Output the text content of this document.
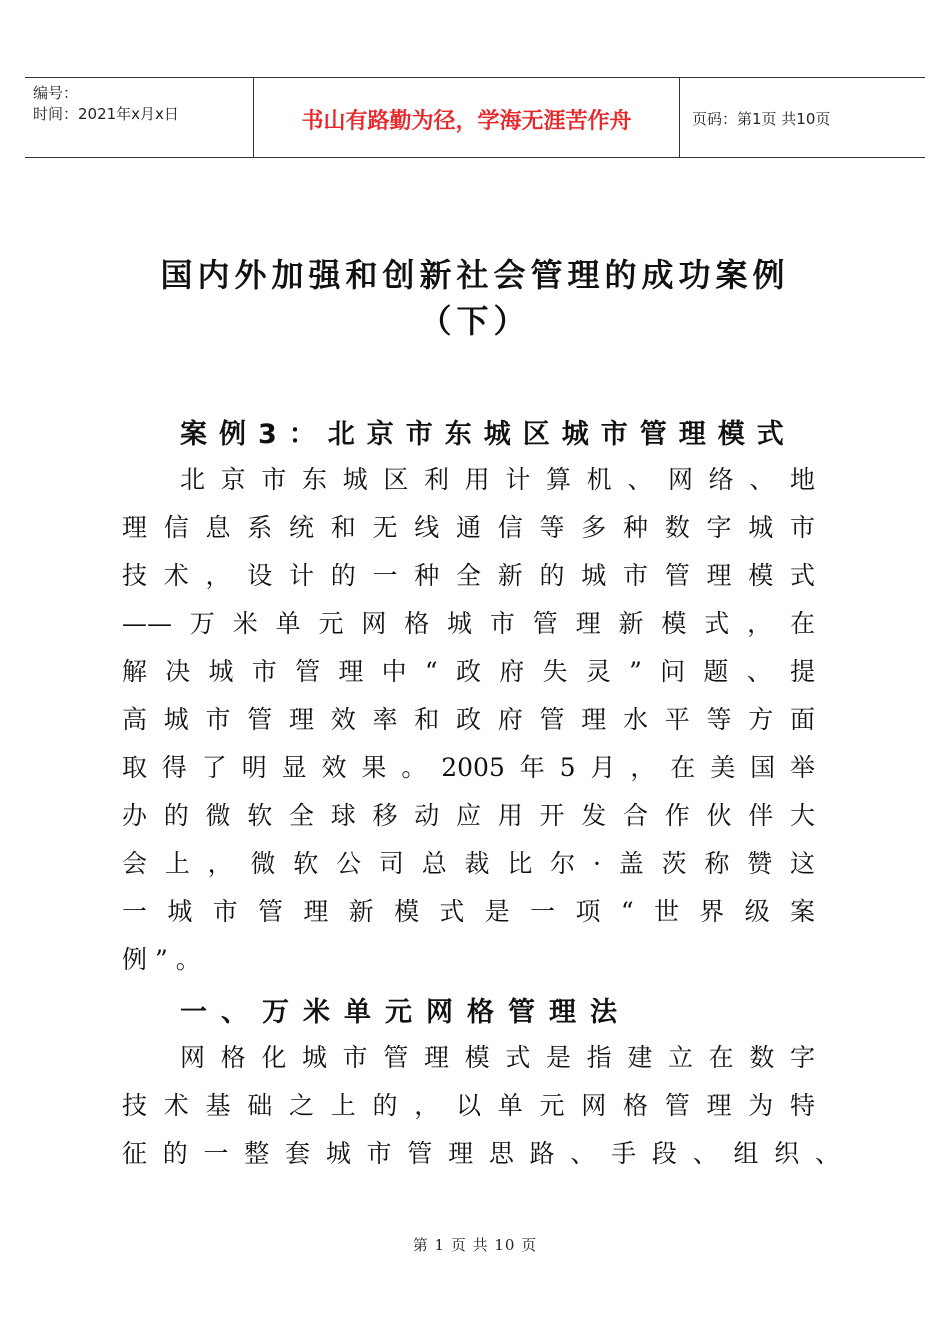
编号：
时间：2021年x月x日	书山有路勤为径，学海无涯苦作舟	页码：第1页 共10页
国内外加强和创新社会管理的成功案例
（下）
案例3：北京市东城区城市管理模式
北京市东城区利用计算机、网络、地
理信息系统和无线通信等多种数字城市
技术，设计的一种全新的城市管理模式
——万米单元网格城市管理新模式，在
解决城市管理中“政府失灵”问题、提
高城市管理效率和政府管理水平等方面
取得了明显效果。2005年5月，在美国举
办的微软全球移动应用开发合作伙伴大
会上，微软公司总裁比尔·盖茨称赞这
一城市管理新模式是一项“世界级案
例”。
一、万米单元网格管理法
网格化城市管理模式是指建立在数字
技术基础之上的，以单元网格管理为特
征的一整套城市管理思路、手段、组织、
第 1 页 共 10 页
